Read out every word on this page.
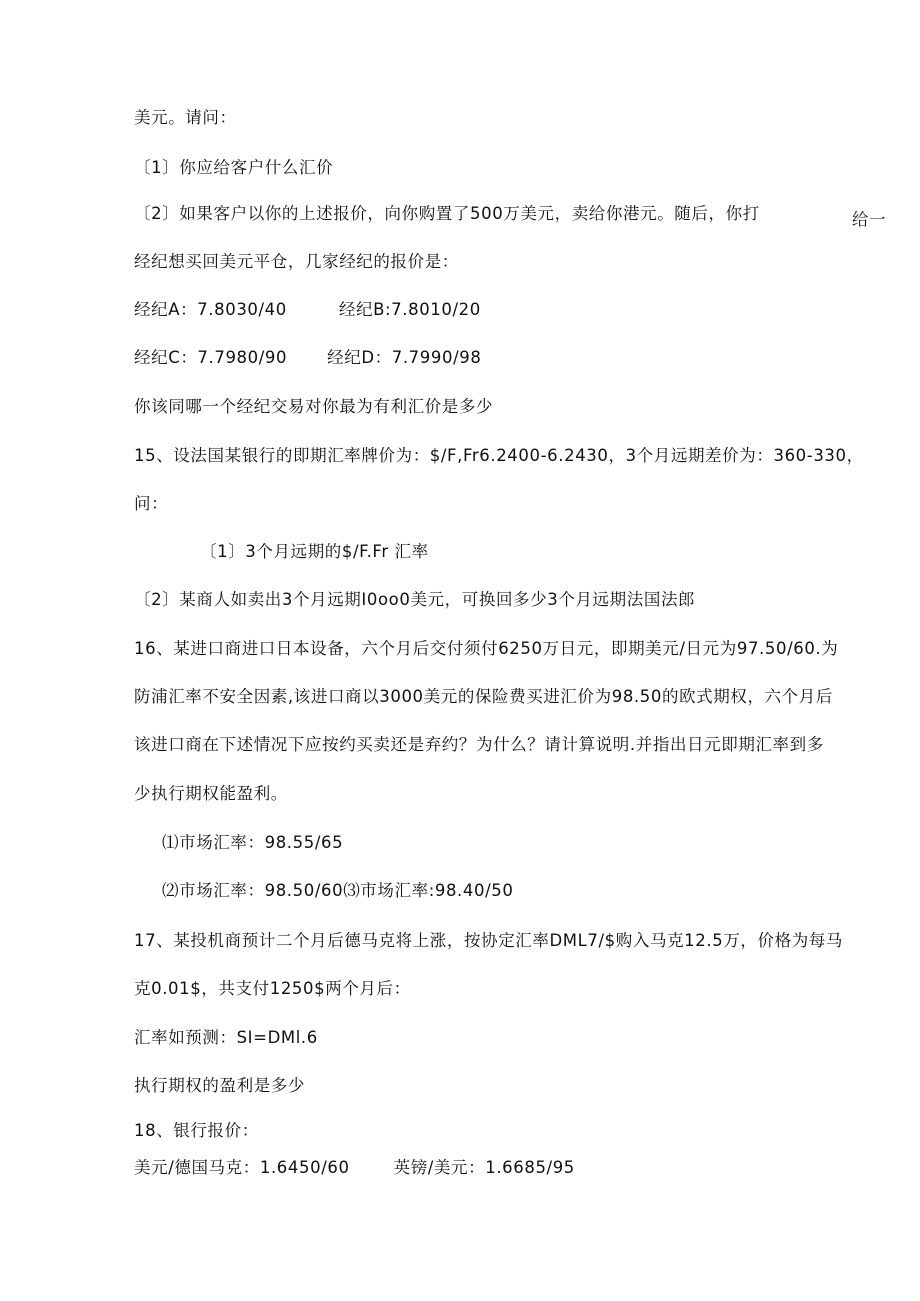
美元。请问：
〔1〕你应给客户什么汇价
〔2〕如果客户以你的上述报价，向你购置了500万美元，卖给你港元。随后，你打	给一
经纪想买回美元平仓，几家经纪的报价是：
经纪A：7.8030/40	经纪B:7.8010/20
经纪C：7.7980/90 经纪D：7.7990/98
你该同哪一个经纪交易对你最为有利汇价是多少
15、设法国某银行的即期汇率牌价为：$/F,Fr6.2400-6.2430，3个月远期差价为：360-330，
问：
〔1〕3个月远期的$/F.Fr 汇率
〔2〕某商人如卖出3个月远期I0oo0美元，可换回多少3个月远期法国法郎
16、某进口商进口日本设备，六个月后交付须付6250万日元，即期美元/日元为97.50/60.为
防浦汇率不安全因素,该进口商以3000美元的保险费买进汇价为98.50的欧式期权，六个月后
该进口商在下述情况下应按约买卖还是弃约？为什么？请计算说明.并指出日元即期汇率到多
少执行期权能盈利。
⑴市场汇率：98.55/65
⑵市场汇率：98.50/60⑶市场汇率:98.40/50
17、某投机商预计二个月后德马克将上涨，按协定汇率DML7/$购入马克12.5万，价格为每马
克0.01$，共支付1250$两个月后：
汇率如预测：SI=DMl.6
执行期权的盈利是多少
18、银行报价：
美元/德国马克：1.6450/60	英镑/美元：1.6685/95
